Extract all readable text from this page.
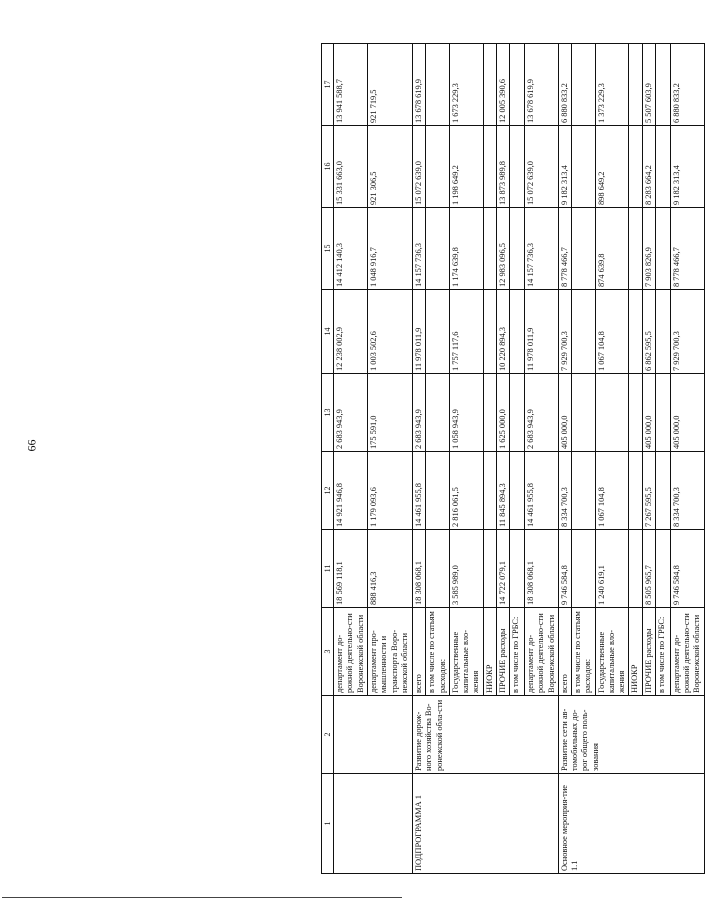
66
1	2	3	11	12	13	14	15	16	17
		департамент до-рожной деятельно-сти Воронежской области	18 569 118,1	14 921 946,8	2 683 943,9	12 238 002,9	14 412 140,3	15 331 663,0	13 941 588,7
		департамент про-мышленности и транспорта Воро-нежской области	888 416,3	1 179 093,6	175 591,0	1 003 502,6	1 048 916,7	921 306,5	921 719,5
ПОДПРОГРАММА 1	Развитие дорож-ного хозяйства Во-ронежской обла-сти	всего	18 308 068,1	14 461 955,8	2 683 943,9	11 978 011,9	14 157 736,3	15 072 639,0	13 678 619,9
		в том числе по статьям расходов:							
		Государственные капитальные вло-жения	3 585 989,0	2 816 061,5	1 058 943,9	1 757 117,6	1 174 639,8	1 198 649,2	1 673 229,3
		НИОКР							
		ПРОЧИЕ расходы	14 722 079,1	11 845 894,3	1 625 000,0	10 220 894,3	12 983 096,5	13 873 989,8	12 005 390,6
		в том числе по ГРБС:							
		департамент до-рожной деятельно-сти Воронежской области	18 308 068,1	14 461 955,8	2 683 943,9	11 978 011,9	14 157 736,3	15 072 639,0	13 678 619,9
Основное мероприя-тие 1.1	Развитие сети ав-томобильных до-рог общего поль-зования	всего	9 746 584,8	8 334 700,3	405 000,0	7 929 700,3	8 778 466,7	9 182 313,4	6 880 833,2
		в том числе по статьям расходов:							
		Государственные капитальные вло-жения	1 240 619,1	1 067 104,8		1 067 104,8	874 639,8	898 649,2	1 373 229,3
		НИОКР							
		ПРОЧИЕ расходы	8 505 965,7	7 267 595,5	405 000,0	6 862 595,5	7 903 826,9	8 283 664,2	5 507 603,9
		в том числе по ГРБС:							
		департамент до-рожной деятельно-сти Воронежской области	9 746 584,8	8 334 700,3	405 000,0	7 929 700,3	8 778 466,7	9 182 313,4	6 880 833,2
